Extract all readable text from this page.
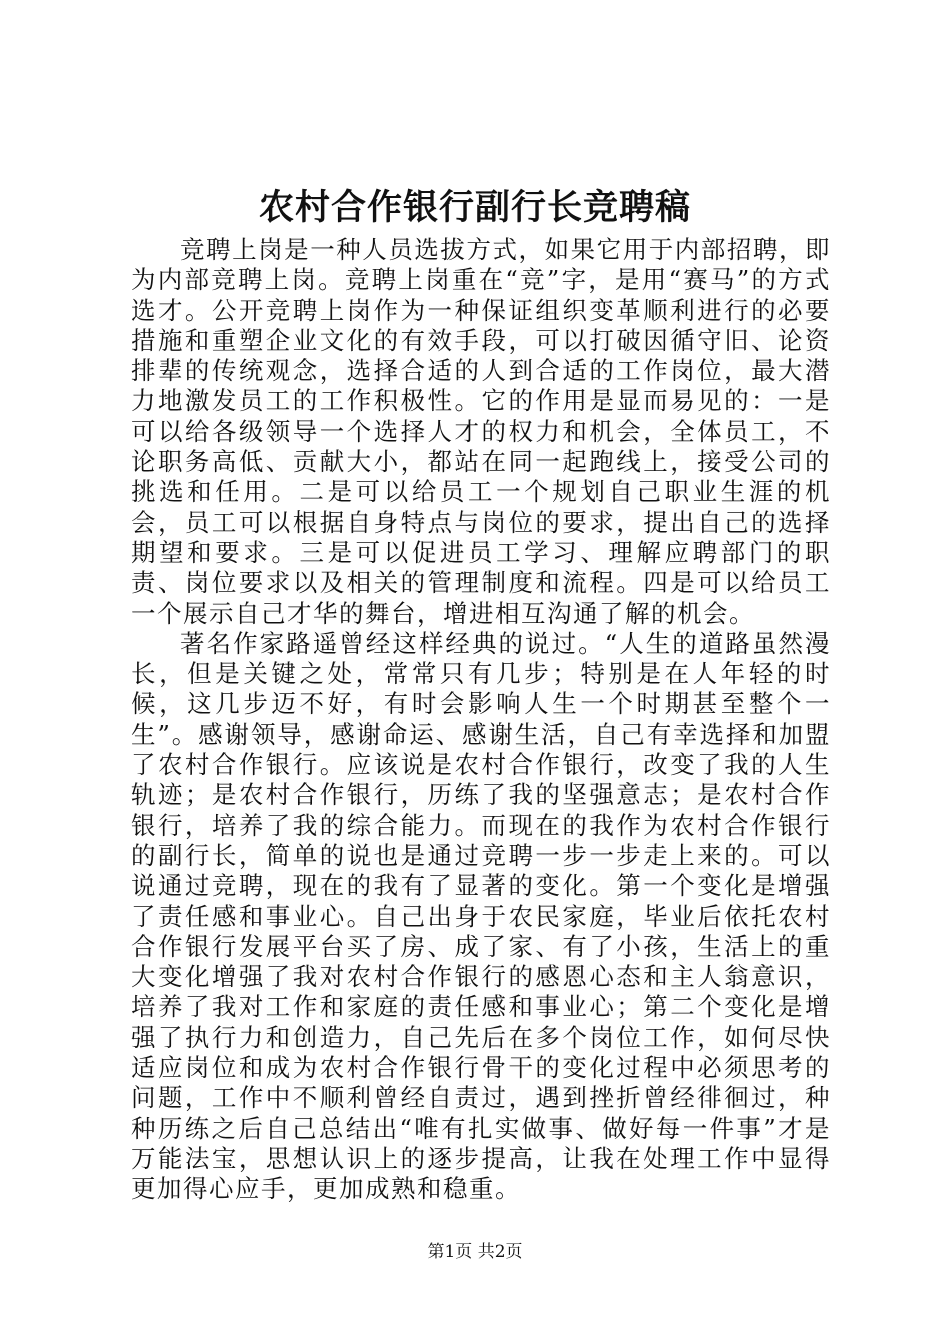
农村合作银行副行长竞聘稿

竞聘上岗是一种人员选拔方式，如果它用于内部招聘，即为内部竞聘上岗。竞聘上岗重在“竞”字，是用“赛马”的方式选才。公开竞聘上岗作为一种保证组织变革顺利进行的必要措施和重塑企业文化的有效手段，可以打破因循守旧、论资排辈的传统观念，选择合适的人到合适的工作岗位，最大潜力地激发员工的工作积极性。它的作用是显而易见的：一是可以给各级领导一个选择人才的权力和机会，全体员工，不论职务高低、贡献大小，都站在同一起跑线上，接受公司的挑选和任用。二是可以给员工一个规划自己职业生涯的机会，员工可以根据自身特点与岗位的要求，提出自己的选择期望和要求。三是可以促进员工学习、理解应聘部门的职责、岗位要求以及相关的管理制度和流程。四是可以给员工一个展示自己才华的舞台，增进相互沟通了解的机会。

著名作家路遥曾经这样经典的说过。“人生的道路虽然漫长，但是关键之处，常常只有几步；特别是在人年轻的时候，这几步迈不好，有时会影响人生一个时期甚至整个一生”。感谢领导，感谢命运、感谢生活，自己有幸选择和加盟了农村合作银行。应该说是农村合作银行，改变了我的人生轨迹；是农村合作银行，历练了我的坚强意志；是农村合作银行，培养了我的综合能力。而现在的我作为农村合作银行的副行长，简单的说也是通过竞聘一步一步走上来的。可以说通过竞聘，现在的我有了显著的变化。第一个变化是增强了责任感和事业心。自己出身于农民家庭，毕业后依托农村合作银行发展平台买了房、成了家、有了小孩，生活上的重大变化增强了我对农村合作银行的感恩心态和主人翁意识，培养了我对工作和家庭的责任感和事业心；第二个变化是增强了执行力和创造力，自己先后在多个岗位工作，如何尽快适应岗位和成为农村合作银行骨干的变化过程中必须思考的问题，工作中不顺利曾经自责过，遇到挫折曾经徘徊过，种种历练之后自己总结出“唯有扎实做事、做好每一件事”才是万能法宝，思想认识上的逐步提高，让我在处理工作中显得更加得心应手，更加成熟和稳重。

第1页 共2页
